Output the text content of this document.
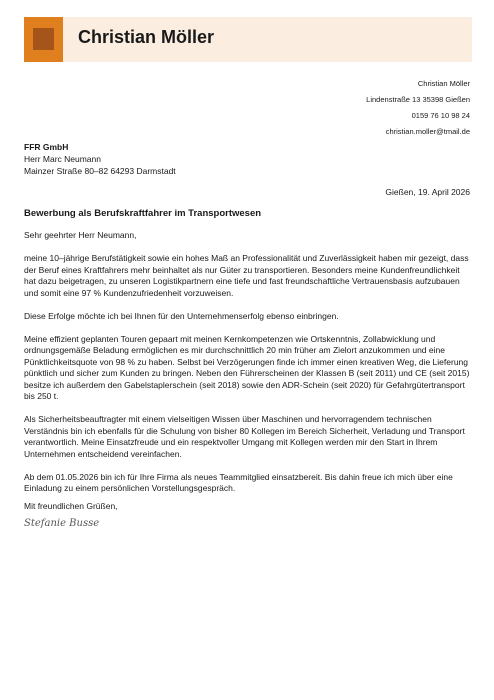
Christian Möller
Christian Möller
Lindenstraße 13 35398 Gießen
0159 76 10 98 24
christian.moller@tmail.de
FFR GmbH
Herr Marc Neumann
Mainzer Straße 80–82 64293 Darmstadt
Gießen, 19. April 2026
Bewerbung als Berufskraftfahrer im Transportwesen

Sehr geehrter Herr Neumann,

meine 10–jährige Berufstätigkeit sowie ein hohes Maß an Professionalität und Zuverlässigkeit haben mir gezeigt, dass der Beruf eines Kraftfahrers mehr beinhaltet als nur Güter zu transportieren. Besonders meine Kundenfreundlichkeit hat dazu beigetragen, zu unseren Logistikpartnern eine tiefe und fast freundschaftliche Vertrauensbasis aufzubauen und somit eine 97 % Kundenzufriedenheit vorzuweisen.

Diese Erfolge möchte ich bei Ihnen für den Unternehmenserfolg ebenso einbringen.

Meine effizient geplanten Touren gepaart mit meinen Kernkompetenzen wie Ortskenntnis, Zollabwicklung und ordnungsgemäße Beladung ermöglichen es mir durchschnittlich 20 min früher am Zielort anzukommen und eine Pünktlichkeitsquote von 98 % zu haben. Selbst bei Verzögerungen finde ich immer einen kreativen Weg, die Lieferung pünktlich und sicher zum Kunden zu bringen. Neben den Führerscheinen der Klassen B (seit 2011) und CE (seit 2015) besitze ich außerdem den Gabelstaplerschein (seit 2018) sowie den ADR-Schein (seit 2020) für Gefahrgütertransport bis 250 t.

Als Sicherheitsbeauftragter mit einem vielseitigen Wissen über Maschinen und hervorragendem technischen Verständnis bin ich ebenfalls für die Schulung von bisher 80 Kollegen im Bereich Sicherheit, Verladung und Transport verantwortlich. Meine Einsatzfreude und ein respektvoller Umgang mit Kollegen werden mir den Start in Ihrem Unternehmen entscheidend vereinfachen.

Ab dem 01.05.2026 bin ich für Ihre Firma als neues Teammitglied einsatzbereit. Bis dahin freue ich mich über eine Einladung zu einem persönlichen Vorstellungsgespräch.

Mit freundlichen Grüßen,
Stefanie Busse
